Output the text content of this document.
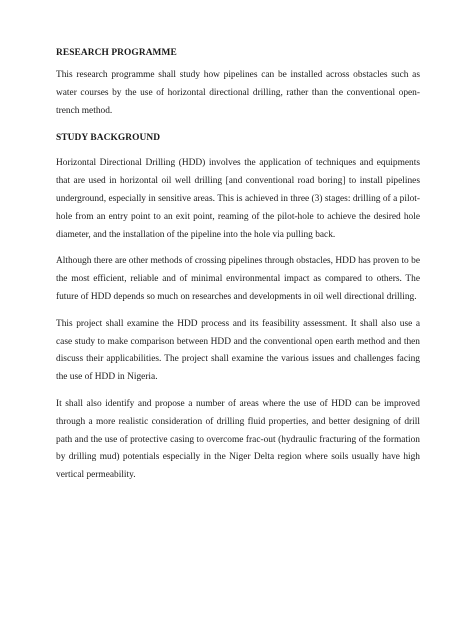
RESEARCH PROGRAMME

This research programme shall study how pipelines can be installed across obstacles such as water courses by the use of horizontal directional drilling, rather than the conventional open-trench method.

STUDY BACKGROUND

Horizontal Directional Drilling (HDD) involves the application of techniques and equipments that are used in horizontal oil well drilling [and conventional road boring] to install pipelines underground, especially in sensitive areas. This is achieved in three (3) stages: drilling of a pilot-hole from an entry point to an exit point, reaming of the pilot-hole to achieve the desired hole diameter, and the installation of the pipeline into the hole via pulling back.

Although there are other methods of crossing pipelines through obstacles, HDD has proven to be the most efficient, reliable and of minimal environmental impact as compared to others. The future of HDD depends so much on researches and developments in oil well directional drilling.

This project shall examine the HDD process and its feasibility assessment. It shall also use a case study to make comparison between HDD and the conventional open earth method and then discuss their applicabilities. The project shall examine the various issues and challenges facing the use of HDD in Nigeria.

It shall also identify and propose a number of areas where the use of HDD can be improved through a more realistic consideration of drilling fluid properties, and better designing of drill path and the use of protective casing to overcome frac-out (hydraulic fracturing of the formation by drilling mud) potentials especially in the Niger Delta region where soils usually have high vertical permeability.
